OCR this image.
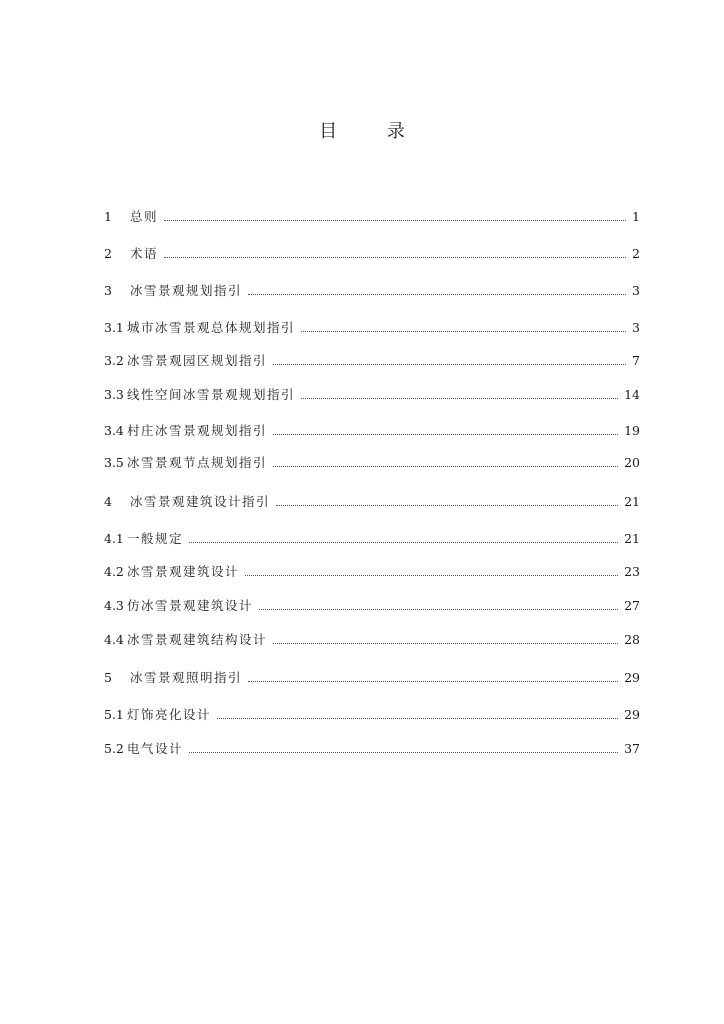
目 录
1	总则	1
2	术语	2
3	冰雪景观规划指引	3
3.1 城市冰雪景观总体规划指引	3
3.2 冰雪景观园区规划指引	7
3.3 线性空间冰雪景观规划指引	14
3.4 村庄冰雪景观规划指引	19
3.5 冰雪景观节点规划指引	20
4	冰雪景观建筑设计指引	21
4.1 一般规定	21
4.2 冰雪景观建筑设计	23
4.3 仿冰雪景观建筑设计	27
4.4 冰雪景观建筑结构设计	28
5	冰雪景观照明指引	29
5.1 灯饰亮化设计	29
5.2 电气设计	37
